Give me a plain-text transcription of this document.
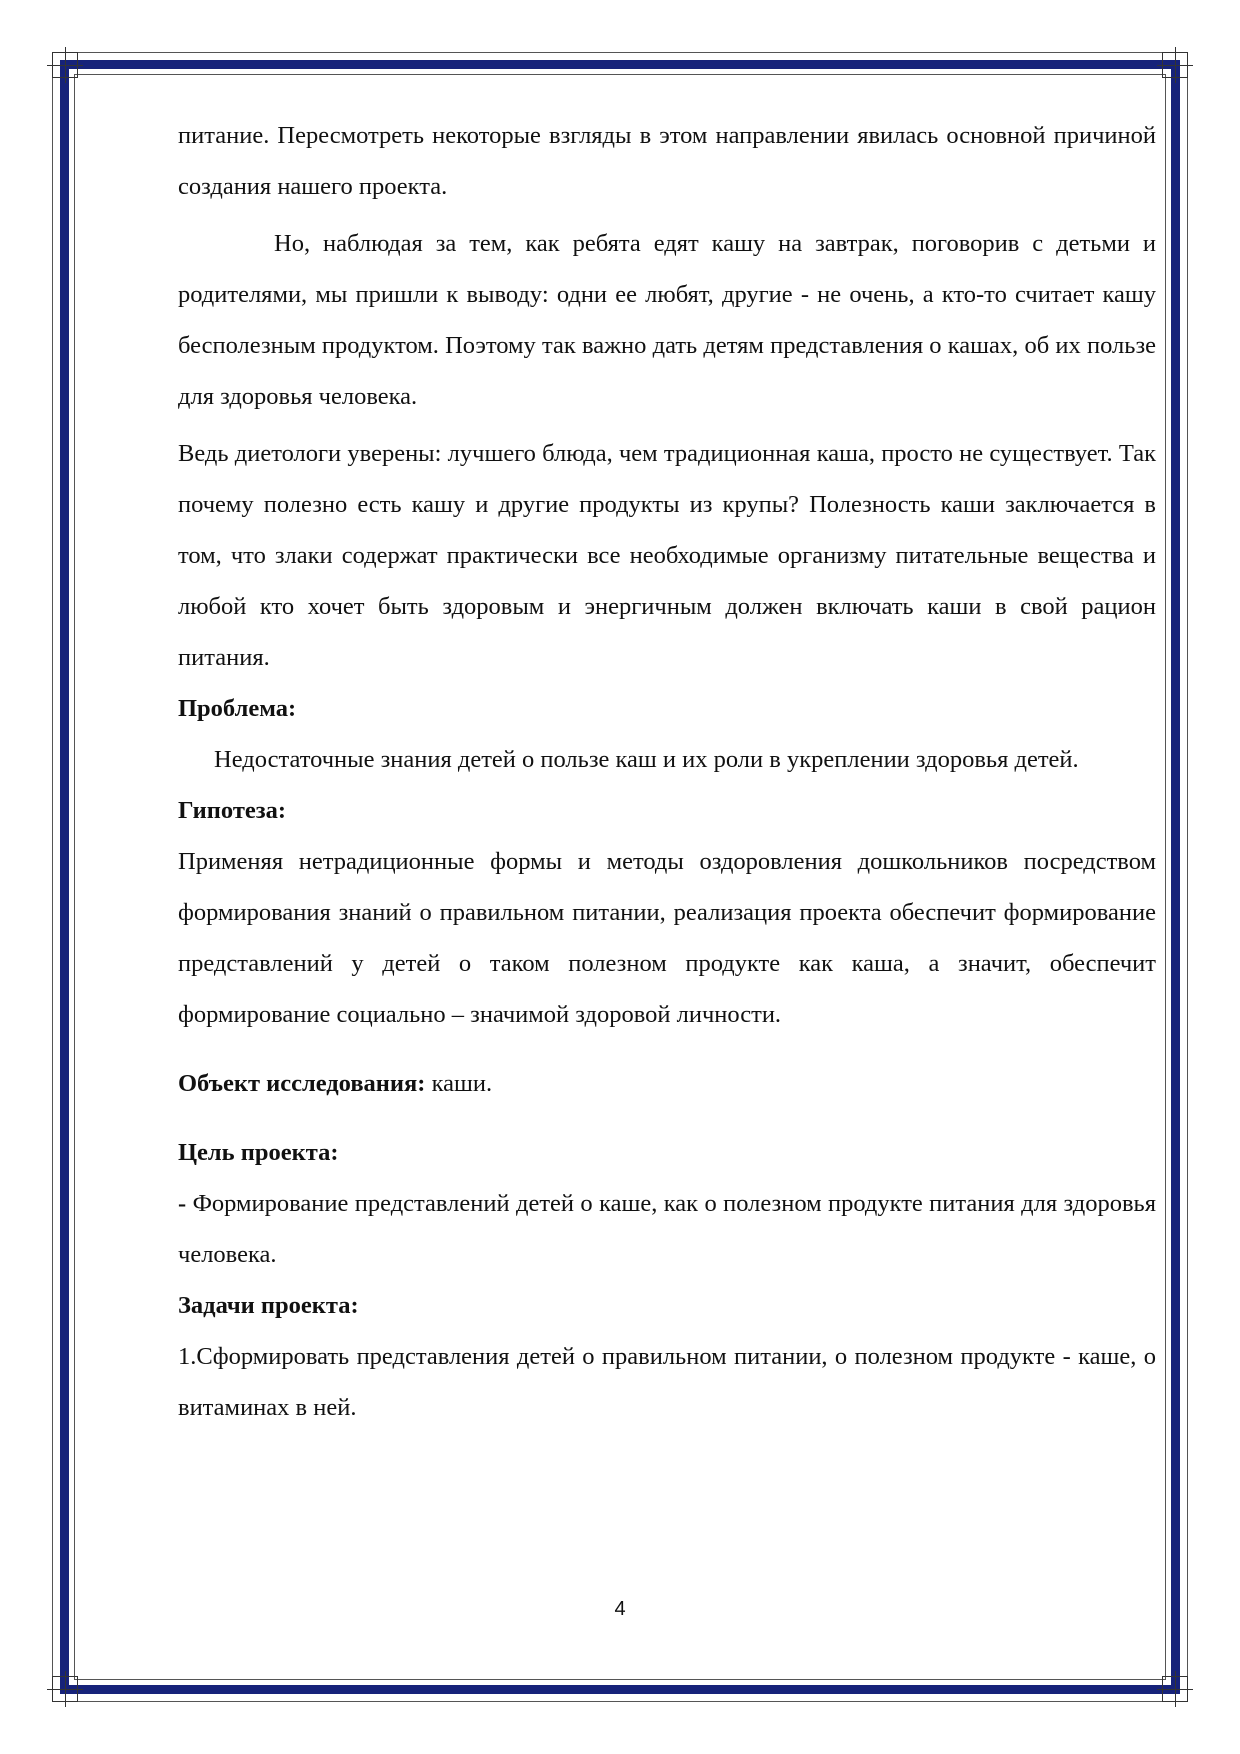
питание. Пересмотреть некоторые взгляды в этом направлении явилась основной причиной создания нашего проекта.

Но, наблюдая за тем, как ребята едят кашу на завтрак, поговорив с детьми и родителями, мы пришли к выводу: одни ее любят, другие - не очень, а кто-то считает кашу бесполезным продуктом. Поэтому так важно дать детям представления о кашах, об их пользе для здоровья человека.

Ведь диетологи уверены: лучшего блюда, чем традиционная каша, просто не существует. Так почему полезно есть кашу и другие продукты из крупы? Полезность каши заключается в том, что злаки содержат практически все необходимые организму питательные вещества и любой кто хочет быть здоровым и энергичным должен включать каши в свой рацион питания.

Проблема:

Недостаточные знания детей о пользе каш и их роли в укреплении здоровья детей.

Гипотеза:

Применяя нетрадиционные формы и методы оздоровления дошкольников посредством формирования знаний о правильном питании, реализация проекта обеспечит формирование представлений у детей о таком полезном продукте как каша, а значит, обеспечит формирование социально – значимой здоровой личности.

Объект исследования: каши.

Цель проекта:

- Формирование представлений детей о каше, как о полезном продукте питания для здоровья человека.

Задачи проекта:

1.Сформировать представления детей о правильном питании, о полезном продукте - каше, о витаминах в ней.

4
